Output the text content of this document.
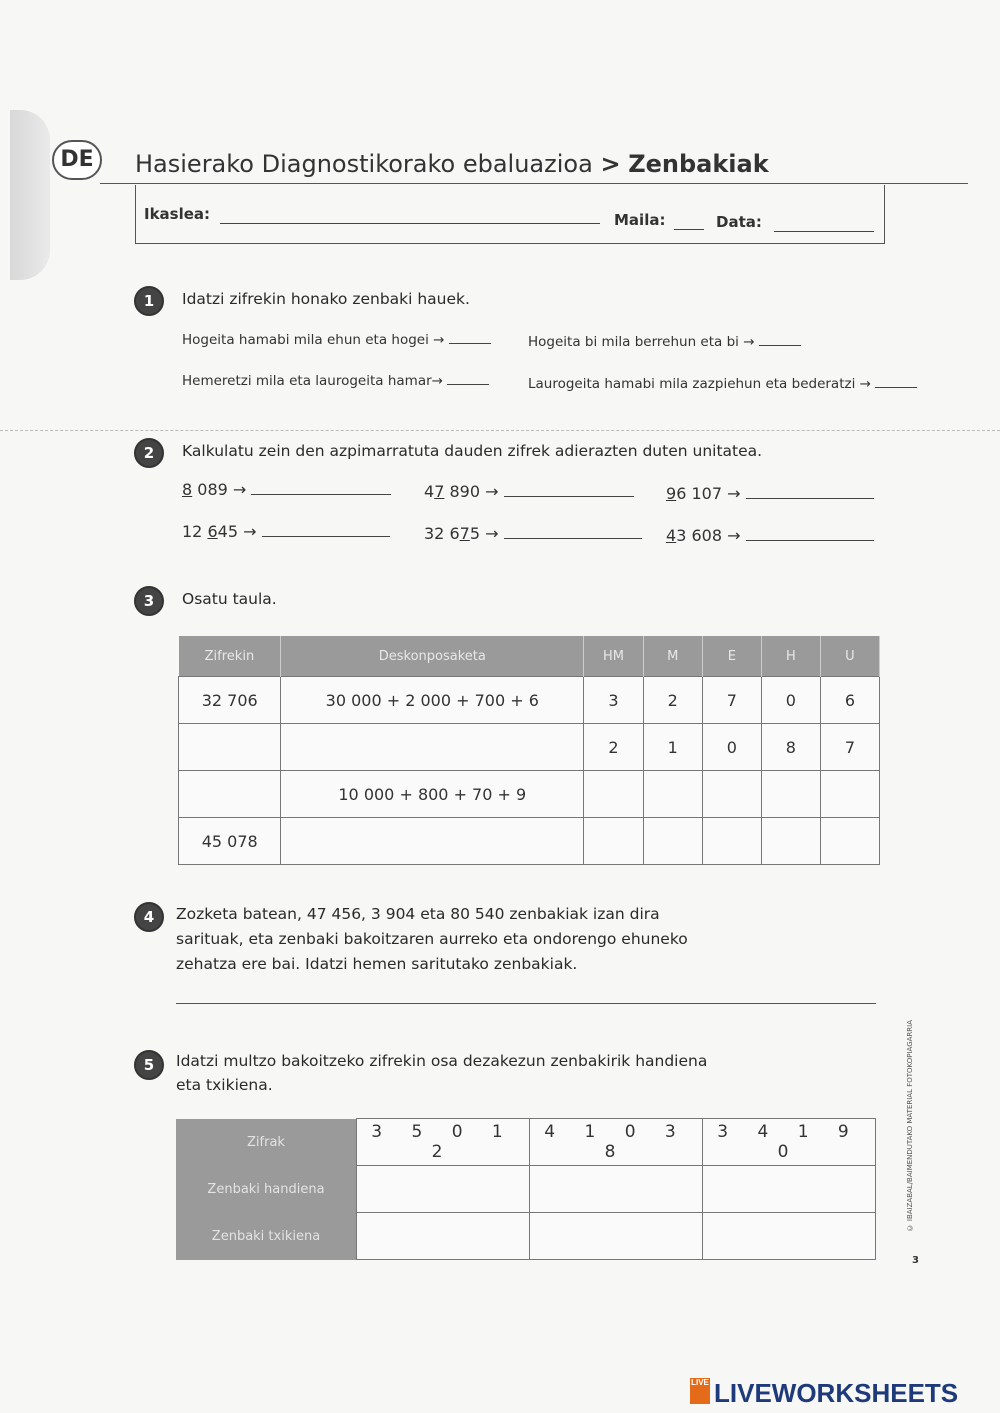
DE	Hasierako Diagnostikorako ebaluazioa > Zenbakiak
Ikaslea:	Maila:	Data:
1	Idatzi zifrekin honako zenbaki hauek.
Hogeita hamabi mila ehun eta hogei →	Hogeita bi mila berrehun eta bi →
Hemeretzi mila eta laurogeita hamar→	Laurogeita hamabi mila zazpiehun eta bederatzi →
2	Kalkulatu zein den azpimarratuta dauden zifrek adierazten duten unitatea.
8 089 →	47 890 →	96 107 →
12 645 →	32 675 →	43 608 →
3	Osatu taula.
Zifrekin	Deskonposaketa	HM	M	E	H	U
32 706	30 000 + 2 000 + 700 + 6	3	2	7	0	6
		2	1	0	8	7
	10 000 + 800 + 70 + 9					
45 078						
4	Zozketa batean, 47 456, 3 904 eta 80 540 zenbakiak izan dira
sarituak, eta zenbaki bakoitzaren aurreko eta ondorengo ehuneko
zehatza ere bai. Idatzi hemen saritutako zenbakiak.
5	Idatzi multzo bakoitzeko zifrekin osa dezakezun zenbakirik handiena
eta txikiena.
Zifrak	3 5 0 1 2	4 1 0 3 8	3 4 1 9 0
Zenbaki handiena			
Zenbaki txikiena			
© IBAIZABAL/BAIMENDUTAKO MATERIAL FOTOKOPIAGARRIA
3
LIVE LIVEWORKSHEETS
